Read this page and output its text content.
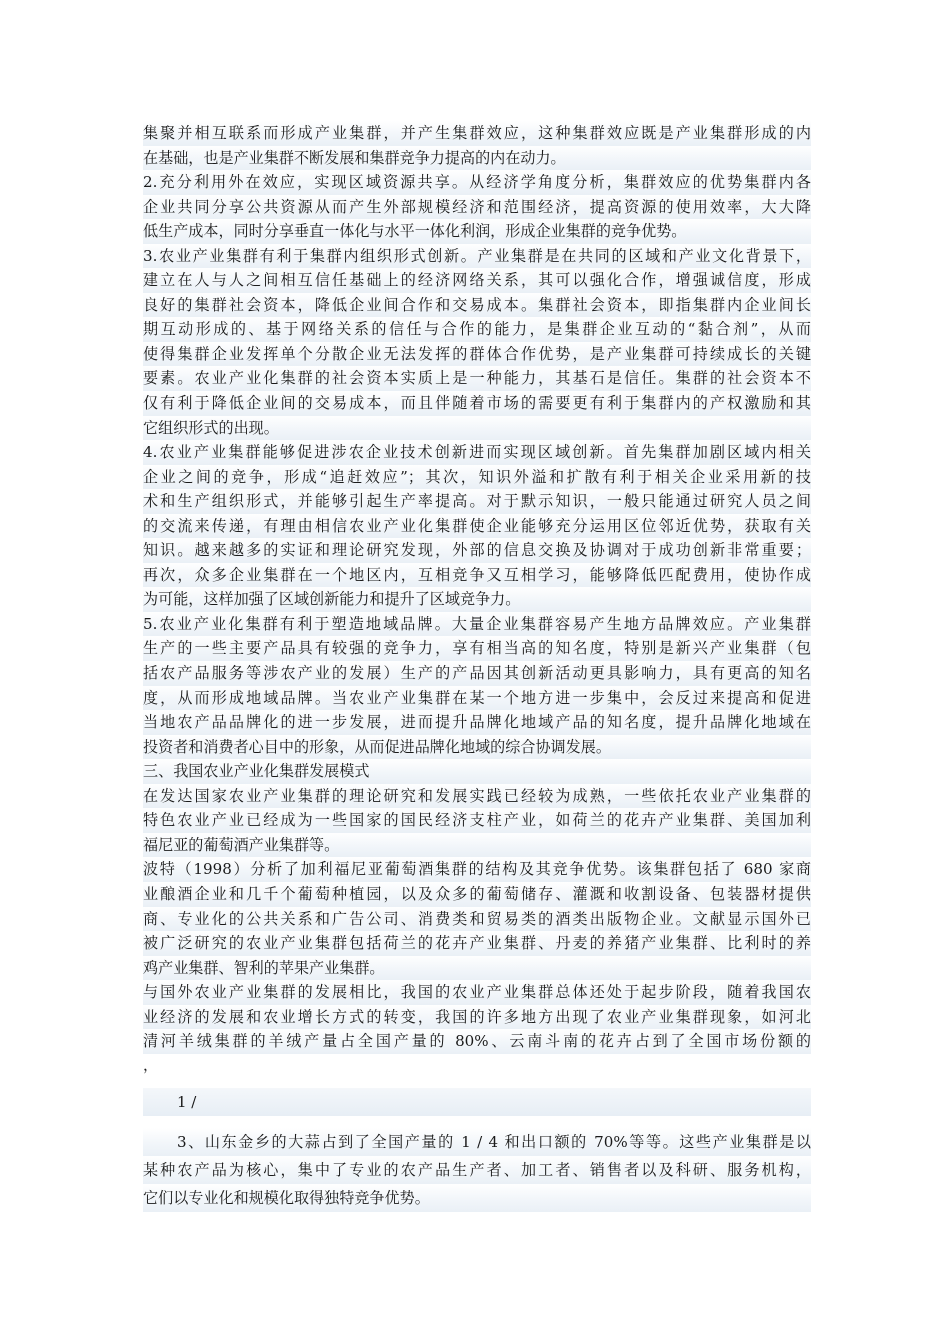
集聚并相互联系而形成产业集群，并产生集群效应，这种集群效应既是产业集群形成的内
在基础，也是产业集群不断发展和集群竞争力提高的内在动力。
2.充分利用外在效应，实现区域资源共享。从经济学角度分析，集群效应的优势集群内各
企业共同分享公共资源从而产生外部规模经济和范围经济，提高资源的使用效率，大大降
低生产成本，同时分享垂直一体化与水平一体化利润，形成企业集群的竞争优势。
3.农业产业集群有利于集群内组织形式创新。产业集群是在共同的区域和产业文化背景下，
建立在人与人之间相互信任基础上的经济网络关系，其可以强化合作，增强诚信度，形成
良好的集群社会资本，降低企业间合作和交易成本。集群社会资本，即指集群内企业间长
期互动形成的、基于网络关系的信任与合作的能力，是集群企业互动的“黏合剂”，从而
使得集群企业发挥单个分散企业无法发挥的群体合作优势，是产业集群可持续成长的关键
要素。农业产业化集群的社会资本实质上是一种能力，其基石是信任。集群的社会资本不
仅有利于降低企业间的交易成本，而且伴随着市场的需要更有利于集群内的产权激励和其
它组织形式的出现。
4.农业产业集群能够促进涉农企业技术创新进而实现区域创新。首先集群加剧区域内相关
企业之间的竞争，形成“追赶效应”；其次，知识外溢和扩散有利于相关企业采用新的技
术和生产组织形式，并能够引起生产率提高。对于默示知识，一般只能通过研究人员之间
的交流来传递，有理由相信农业产业化集群使企业能够充分运用区位邻近优势，获取有关
知识。越来越多的实证和理论研究发现，外部的信息交换及协调对于成功创新非常重要；
再次，众多企业集群在一个地区内，互相竞争又互相学习，能够降低匹配费用，使协作成
为可能，这样加强了区域创新能力和提升了区域竞争力。
5.农业产业化集群有利于塑造地域品牌。大量企业集群容易产生地方品牌效应。产业集群
生产的一些主要产品具有较强的竞争力，享有相当高的知名度，特别是新兴产业集群（包
括农产品服务等涉农产业的发展）生产的产品因其创新活动更具影响力，具有更高的知名
度，从而形成地域品牌。当农业产业集群在某一个地方进一步集中，会反过来提高和促进
当地农产品品牌化的进一步发展，进而提升品牌化地域产品的知名度，提升品牌化地域在
投资者和消费者心目中的形象，从而促进品牌化地域的综合协调发展。
三、我国农业产业化集群发展模式
在发达国家农业产业集群的理论研究和发展实践已经较为成熟，一些依托农业产业集群的
特色农业产业已经成为一些国家的国民经济支柱产业，如荷兰的花卉产业集群、美国加利
福尼亚的葡萄酒产业集群等。
波特（1998）分析了加利福尼亚葡萄酒集群的结构及其竞争优势。该集群包括了 680 家商
业酿酒企业和几千个葡萄种植园，以及众多的葡萄储存、灌溉和收割设备、包装器材提供
商、专业化的公共关系和广告公司、消费类和贸易类的酒类出版物企业。文献显示国外已
被广泛研究的农业产业集群包括荷兰的花卉产业集群、丹麦的养猪产业集群、比利时的养
鸡产业集群、智利的苹果产业集群。
与国外农业产业集群的发展相比，我国的农业产业集群总体还处于起步阶段，随着我国农
业经济的发展和农业增长方式的转变，我国的许多地方出现了农业产业集群现象，如河北
清河羊绒集群的羊绒产量占全国产量的 80%、云南斗南的花卉占到了全国市场份额的
，
1 /
3、山东金乡的大蒜占到了全国产量的 1 / 4 和出口额的 70%等等。这些产业集群是以
某种农产品为核心，集中了专业的农产品生产者、加工者、销售者以及科研、服务机构，
它们以专业化和规模化取得独特竞争优势。
